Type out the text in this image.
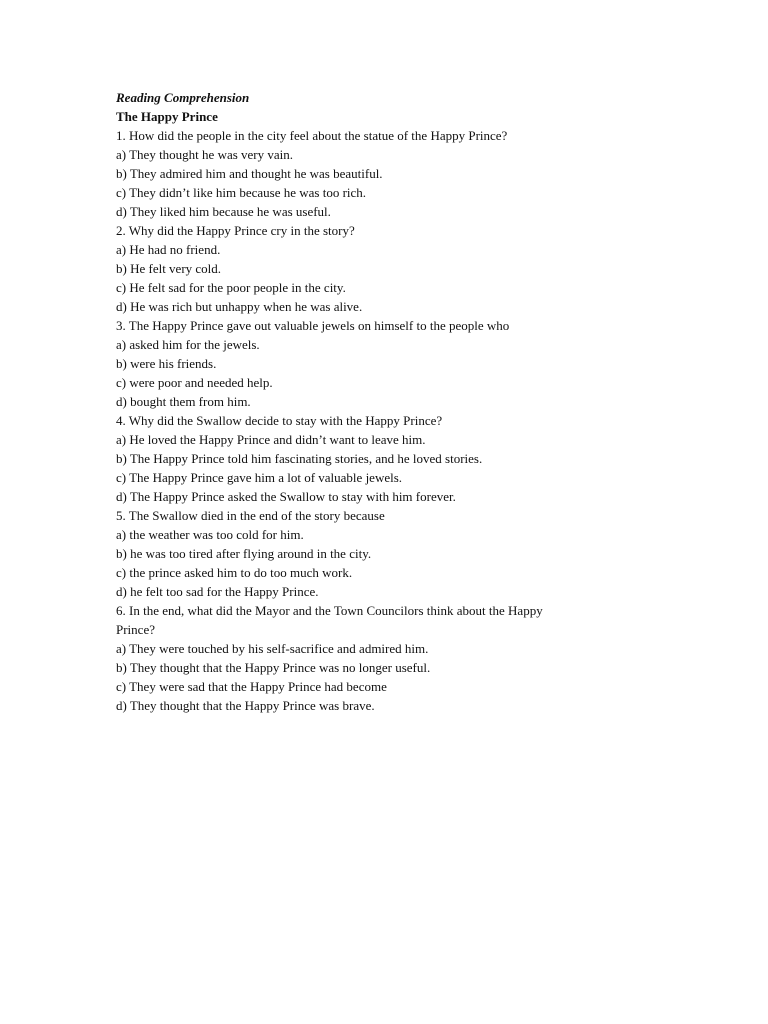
Reading Comprehension

The Happy Prince

1. How did the people in the city feel about the statue of the Happy Prince?

a) They thought he was very vain.

b) They admired him and thought he was beautiful.

c) They didn’t like him because he was too rich.

d) They liked him because he was useful.

2. Why did the Happy Prince cry in the story?

a) He had no friend.

b) He felt very cold.

c) He felt sad for the poor people in the city.

d) He was rich but unhappy when he was alive.

3. The Happy Prince gave out valuable jewels on himself to the people who

a) asked him for the jewels.

b) were his friends.

c) were poor and needed help.

d) bought them from him.

4. Why did the Swallow decide to stay with the Happy Prince?

a) He loved the Happy Prince and didn’t want to leave him.

b) The Happy Prince told him fascinating stories, and he loved stories.

c) The Happy Prince gave him a lot of valuable jewels.

d) The Happy Prince asked the Swallow to stay with him forever.

5. The Swallow died in the end of the story because

a) the weather was too cold for him.

b) he was too tired after flying around in the city.

c) the prince asked him to do too much work.

d) he felt too sad for the Happy Prince.

6. In the end, what did the Mayor and the Town Councilors think about the Happy Prince?

a) They were touched by his self-sacrifice and admired him.

b) They thought that the Happy Prince was no longer useful.

c) They were sad that the Happy Prince had become

d) They thought that the Happy Prince was brave.
